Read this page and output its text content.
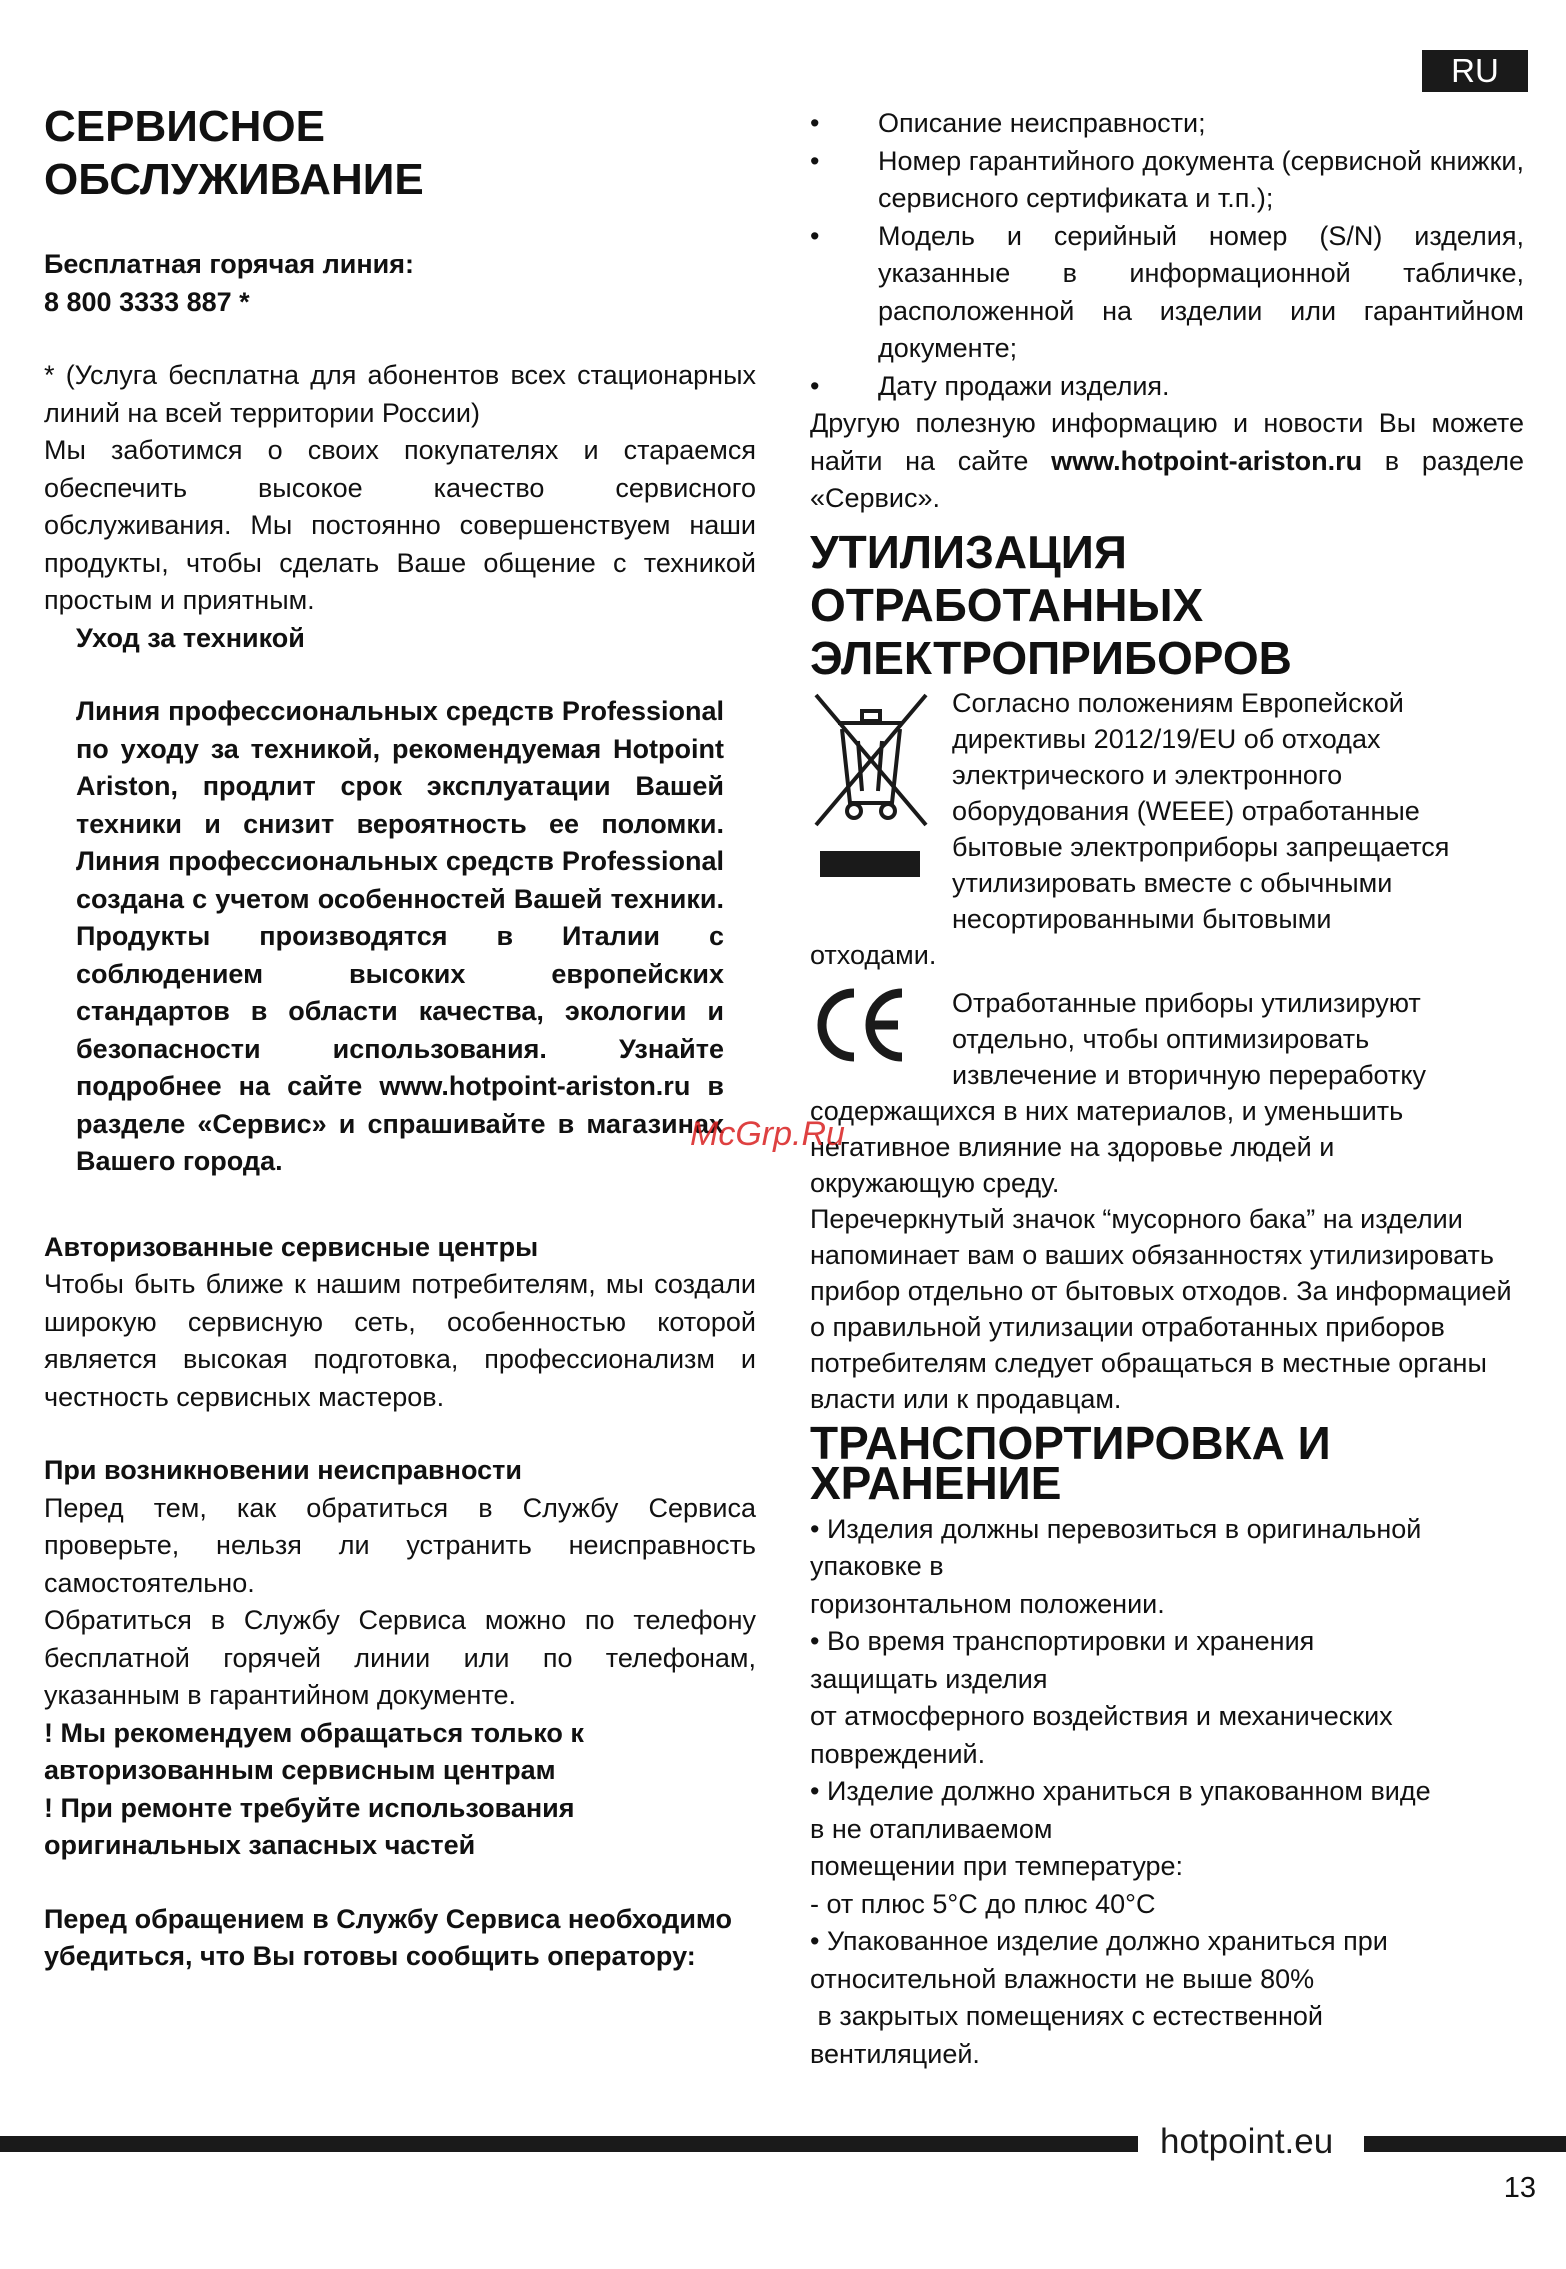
RU
СЕРВИСНОЕ
ОБСЛУЖИВАНИЕ

Бесплатная горячая линия:

8 800 3333 887 *

* (Услуга бесплатна для абонентов всех стационарных линий на всей территории России)

Мы заботимся о своих покупателях и стараемся обеспечить высокое качество сервисного обслуживания. Мы постоянно совершенствуем наши продукты, чтобы сделать Ваше общение с техникой простым и приятным.

Уход за техникой

Линия профессиональных средств Professional по уходу за техникой, рекомендуемая Hotpoint Ariston, продлит срок эксплуатации Вашей техники и снизит вероятность ее поломки. Линия профессиональных средств Professional создана с учетом особенностей Вашей техники. Продукты производятся в Италии с соблюдением высоких европейских стандартов в области качества, экологии и безопасности использования. Узнайте подробнее на сайте www.hotpoint-ariston.ru в разделе «Сервис» и спрашивайте в магазинах Вашего города.

Авторизованные сервисные центры

Чтобы быть ближе к нашим потребителям, мы создали широкую сервисную сеть, особенностью которой является высокая подготовка, профессионализм и честность сервисных мастеров.

При возникновении неисправности

Перед тем, как обратиться в Службу Сервиса проверьте, нельзя ли устранить неисправность самостоятельно.

Обратиться в Службу Сервиса можно по телефону бесплатной горячей линии или по телефонам, указанным в гарантийном документе.

! Мы рекомендуем обращаться только к авторизованным сервисным центрам

! При ремонте требуйте использования оригинальных запасных частей

Перед обращением в Службу Сервиса необходимо убедиться, что Вы готовы сообщить оператору:

• Описание неисправности;
• Номер гарантийного документа (сервисной книжки, сервисного сертификата и т.п.);
• Модель и серийный номер (S/N) изделия, указанные в информационной табличке, расположенной на изделии или гарантийном документе;
• Дату продажи изделия.

Другую полезную информацию и новости Вы можете найти на сайте www.hotpoint-ariston.ru в разделе «Сервис».

УТИЛИЗАЦИЯ ОТРАБОТАННЫХ
ЭЛЕКТРОПРИБОРОВ

Согласно положениям Европейской

директивы 2012/19/EU об отходах

электрического и электронного

оборудования (WEEE) отработанные

бытовые электроприборы запрещается

утилизировать вместе с обычными

несортированными бытовыми

отходами.

Отработанные приборы утилизируют

отдельно, чтобы оптимизировать

извлечение и вторичную переработку

содержащихся в них материалов, и уменьшить

негативное влияние на здоровье людей и

окружающую среду.

Перечеркнутый значок “мусорного бака” на изделии напоминает вам о ваших обязанностях утилизировать прибор отдельно от бытовых отходов. За информацией о правильной утилизации отработанных приборов потребителям следует обращаться в местные органы власти или к продавцам.

ТРАНСПОРТИРОВКА И
ХРАНЕНИЕ

• Изделия должны перевозиться в оригинальной

упаковке в

горизонтальном положении.

• Во время транспортировки и хранения

защищать изделия

от атмосферного воздействия и механических

повреждений.

• Изделие должно храниться в упакованном виде

в не отапливаемом

помещении при температуре:

- от плюс 5°C до плюс 40°C

• Упакованное изделие должно храниться при

относительной влажности не выше 80%

в закрытых помещениях с естественной

вентиляцией.

McGrp.Ru
hotpoint.eu
13
